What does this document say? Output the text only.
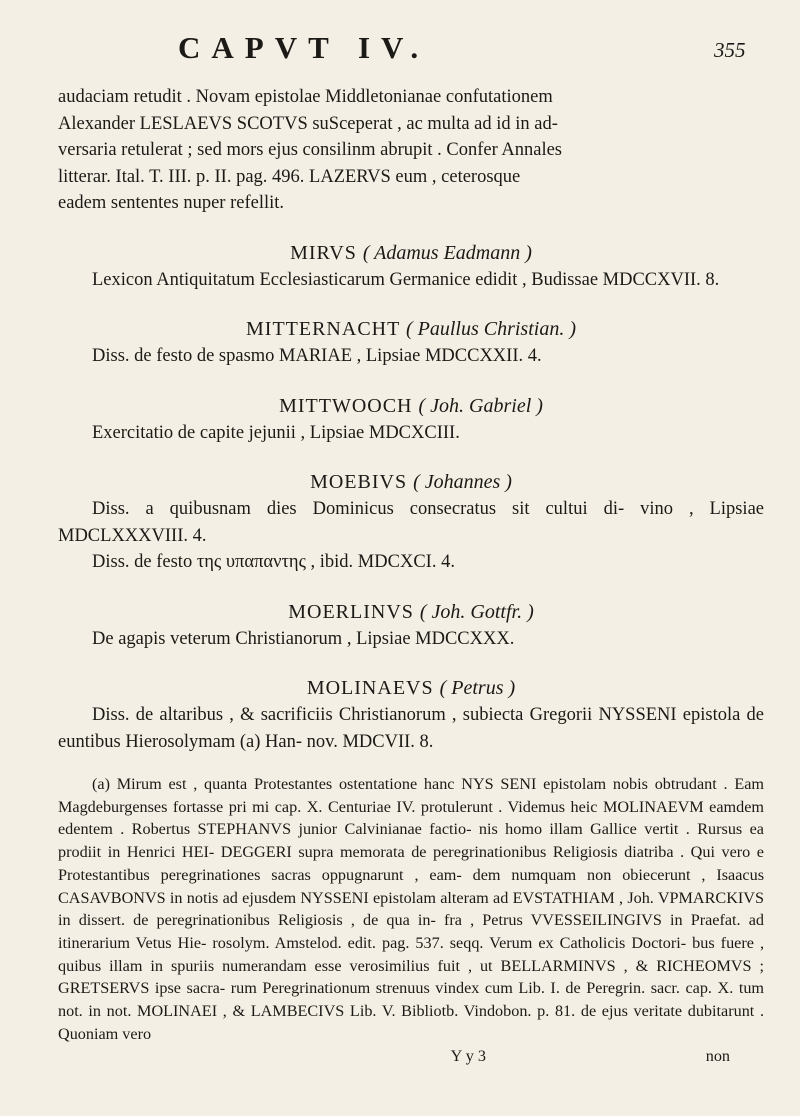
CAPVT IV.	355
audaciam retudit . Novam epistolae Middletonianae confutationem
Alexander LESLAEVS SCOTVS suSceperat , ac multa ad id in ad-
versaria retulerat ; sed mors ejus consilinm abrupit . Confer Annales
litterar. Ital. T. III. p. II. pag. 496. LAZERVS eum , ceterosque
eadem sententes nuper refellit.
MIRVS ( Adamus Eadmann )

Lexicon Antiquitatum Ecclesiasticarum Germanice edidit , Budissae MDCCXVII. 8.

MITTERNACHT ( Paullus Christian. )

Diss. de festo de spasmo MARIAE , Lipsiae MDCCXXII. 4.

MITTWOOCH ( Joh. Gabriel )

Exercitatio de capite jejunii , Lipsiae MDCXCIII.

MOEBIVS ( Johannes )

Diss. a quibusnam dies Dominicus consecratus sit cultui di- vino , Lipsiae MDCLXXXVIII. 4.

Diss. de festo της υπαπαντης , ibid. MDCXCI. 4.

MOERLINVS ( Joh. Gottfr. )

De agapis veterum Christianorum , Lipsiae MDCCXXX.

MOLINAEVS ( Petrus )

Diss. de altaribus , & sacrificiis Christianorum , subiecta Gregorii NYSSENI epistola de euntibus Hierosolymam (a) Han- nov. MDCVII. 8.

(a) Mirum est , quanta Protestantes ostentatione hanc NYS SENI epistolam nobis obtrudant . Eam Magdeburgenses fortasse pri mi cap. X. Centuriae IV. protulerunt . Videmus heic MOLINAEVM eamdem edentem . Robertus STEPHANVS junior Calvinianae factio- nis homo illam Gallice vertit . Rursus ea prodiit in Henrici HEI- DEGGERI supra memorata de peregrinationibus Religiosis diatriba . Qui vero e Protestantibus peregrinationes sacras oppugnarunt , eam- dem numquam non obiecerunt , Isaacus CASAVBONVS in notis ad ejusdem NYSSENI epistolam alteram ad EVSTATHIAM , Joh. VPMARCKIVS in dissert. de peregrinationibus Religiosis , de qua in- fra , Petrus VVESSEILINGIVS in Praefat. ad itinerarium Vetus Hie- rosolym. Amstelod. edit. pag. 537. seqq. Verum ex Catholicis Doctori- bus fuere , quibus illam in spuriis numerandam esse verosimilius fuit , ut BELLARMINVS , & RICHEOMVS ; GRETSERVS ipse sacra- rum Peregrinationum strenuus vindex cum Lib. I. de Peregrin. sacr. cap. X. tum not. in not. MOLINAEI , & LAMBECIVS Lib. V. Bibliotb. Vindobon. p. 81. de ejus veritate dubitarunt . Quoniam vero

Y y 3	non
